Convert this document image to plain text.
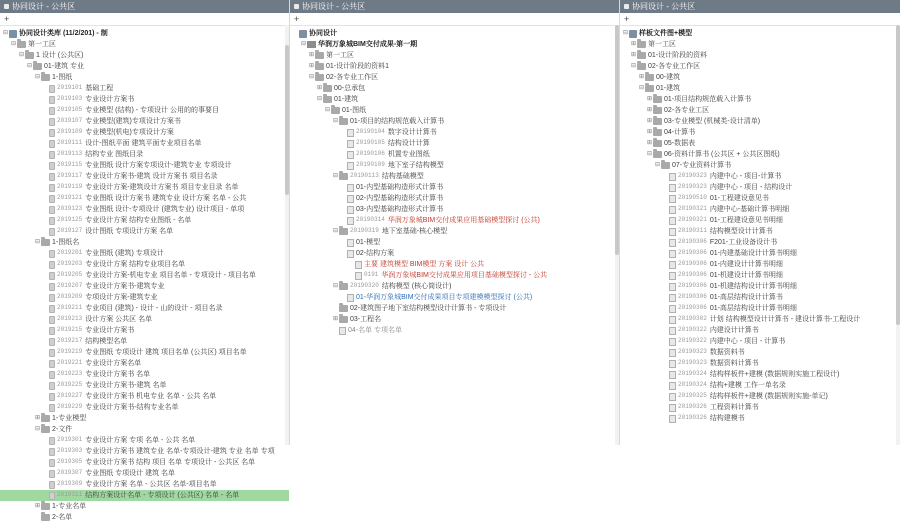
协同设计 - 公共区
+
⊟ 协同设计类库 (11/2/201) - 制
⊟ 第一工区
⊟ 1 设计 (公共区)
⊟ 01-建筑 专业
⊟ 1-图纸
2019101 基础工程
2019103 专业设计方案书
2019105 专业模型 (结构) - 专项设计 公用的的事要目
2019107 专业模型(建筑)专项设计方案书
2019109 专业模型(机电)专项设计方案
2019111 设计-图纸平面 建筑平面专业项目名单
2019113 结构专业 图纸目录
2019115 专业图纸 设计方案专项设计-建筑专业 专项设计
2019117 专业设计方案书-建筑 设计方案书 项目名录
2019119 专业设计方案-建筑设计方案书 项目专业目录 名单
2019121 专业图纸 设计方案书 建筑专业 设计方案 名单 - 公共
2019123 专业图纸 设计-专项设计 (建筑专业) 设计项目 - 单项
2019125 专业设计方案 结构专业图纸 - 名单
2019127 设计图纸 专项设计方案 名单
⊟ 1-图纸名
2019201 专业图纸 (建筑) 专项设计
2019203 专业设计方案 结构专业项目名单
2019205 专业设计方案-机电专业 项目名单 - 专项设计 - 项目名单
2019207 专业设计方案书-建筑专业
2019209 专项设计方案-建筑专业
2019211 专业项目 (建筑) - 设计 - 山的设计 - 项目名录
2019213 设计方案 公共区 名单
2019215 专业设计方案书
2019217 结构模型名单
2019219 专业图纸 专项设计 建筑 项目名单 (公共区) 项目名单
2019221 专业设计方案名单
2019223 专业设计方案书 名单
2019225 专业设计方案书-建筑 名单
2019227 专业设计方案书 机电专业 名单 - 公共 名单
2019229 专业设计方案书-结构专业名单
⊞ 1-专业模型
⊟ 2-文件
2019301 专业设计方案 专项 名单 - 公共 名单
2019303 专业设计方案书 建筑专业 名单-专项设计-建筑 专业 名单 专项
2019305 专业设计方案书 结构 项目 名单 专项设计 - 公共区 名单
2019307 专业图纸 专项设计 建筑 名单
2019309 专业设计方案 名单 - 公共区 名单-项目名单
2019311 结构方案设计名单 - 专项设计 (公共区) 名单 - 名单
⊞ 1-专业名单
2-名单
协同设计 - 公共区
+
协同设计
⊟ 华润万象城BIM交付成果-第一期
⊞ 第一工区
⊞ 01-设计阶段的资料1
⊟ 02-各专业工作区
⊞ 00-总承包
⊟ 01-建筑
⊟ 01-图纸
⊟ 01-项目的结构规范载入计算书
20190104 数字设计计算书
20190105 结构设计计算
20190106 机置专业图纸
20190109 地下室子结构模型
⊟ 20190113 结构基础模型
01-内型基础构造形式计算书
02-内型基础构造形式计算书
03-内型基础构造形式计算书
20190314 华润万象城BIM交付成果应用基础模型探讨 (公共)
⊟ 20190319 地下室基础-核心模型
01-模型
02-结构方案
主要 建筑模型 BIM模型 方案 设计 公共
0191 华润万象城BIM交付成果应用项目基础模型探讨 - 公共
⊟ 20190320 结构模型 (核心筒设计)
01-华润万象城BIM交付成果项目专项建模模型探讨 (公共)
02-建筑图子地下室结构模型设计计算书 - 专项设计
⊞ 03-工程名
04-名单 专项名单
协同设计 - 公共区
+
⊟ 样板文件图+模型
⊞ 第一工区
⊞ 01-设计阶段的资料
⊟ 02-各专业工作区
⊞ 00-建筑
⊟ 01-建筑
⊞ 01-项目结构规范载入计算书
⊞ 02-各专业工区
⊞ 03-专业模型 (机械类-设计清单)
⊞ 04-计算书
⊞ 05-数据表
⊟ 06-资料计算书 (公共区 + 公共区图纸)
⊟ 07-专业资料计算书
20190323 内建中心 - 项目-计算书
20190323 内建中心 - 项目 - 结构设计
20190510 01-工程建设意见书
20190321 内建中心-基础计算书明细
20190321 01-工程建设意见书明细
20190311 结构模型设计计算书
20190306 F201-工业设备设计书
20190306 01-内建基础设计计算书明细
20190306 01-内建设计计算书明细
20190306 01-机建设计计算书明细
20190306 01-机建结构设计计算书明细
20190306 01-高层结构设计计算书
20190306 01-高层结构设计计算书明细
20190302 计划 结构模型设计计算书 - 建设计算书-工程设计
20190322 内建设计计算书
20190322 内建中心 - 项目 - 计算书
20190323 数据资料书
20190323 数据资料计算书
20190324 结构样板件+建模 (数据规则实施工程设计)
20190324 结构+建模 工作一单名录
20190325 结构样板件+建模 (数据规则实施-单记)
20190326 工程资料计算书
20190326 结构建模书
